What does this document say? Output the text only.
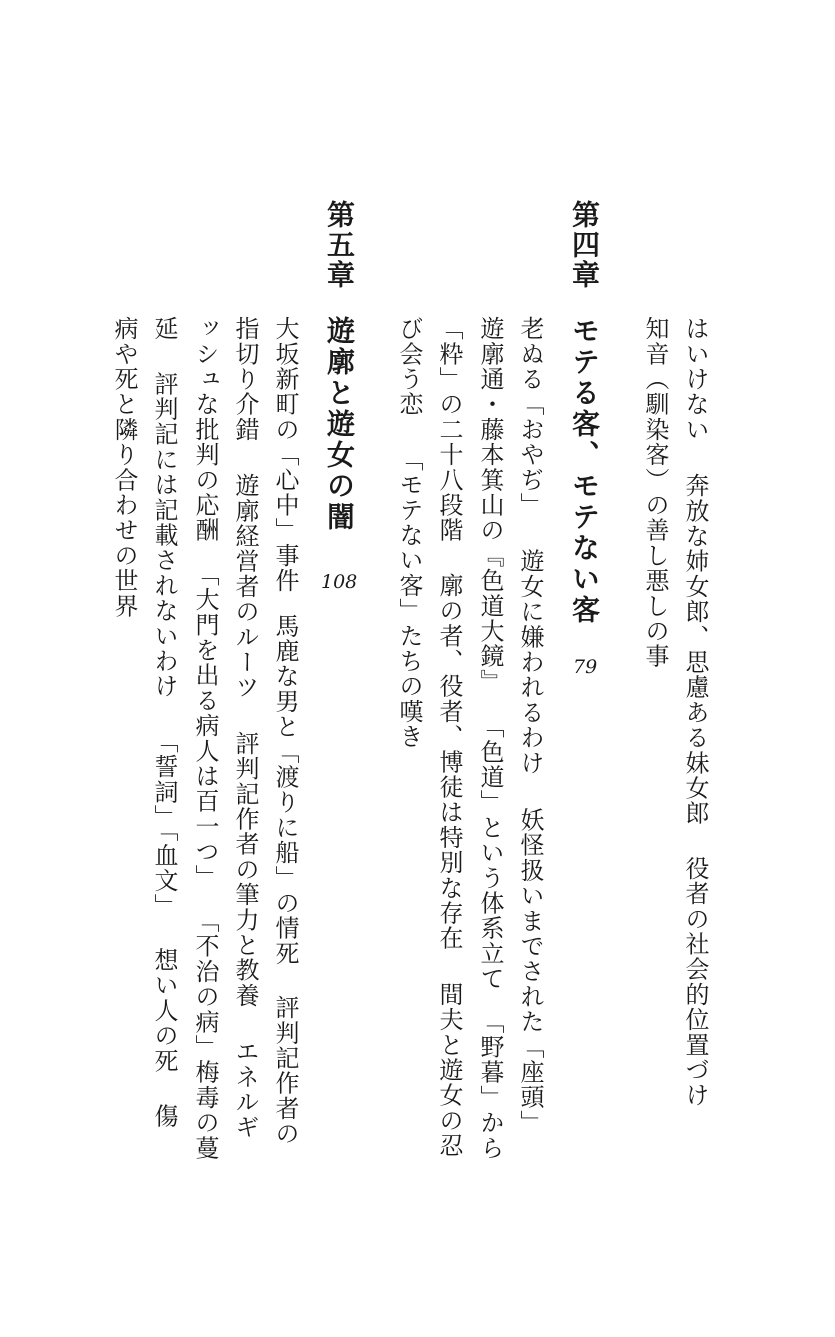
はいけない奔放な姉女郎、思慮ある妹女郎役者の社会的位置づけ
知音（馴染客）の善し悪しの事
第四章
モテる客、モテない客
79
老ぬる「おやぢ」遊女に嫌われるわけ妖怪扱いまでされた「座頭」
遊廓通・藤本箕山の『色道大鏡』「色道」という体系立て「野暮」から
「粋」の二十八段階廓の者、役者、博徒は特別な存在間夫と遊女の忍
び会う恋「モテない客」たちの嘆き
第五章
遊廓と遊女の闇
108
大坂新町の「心中」事件馬鹿な男と「渡りに船」の情死評判記作者の
指切り介錯遊廓経営者のルーツ評判記作者の筆力と教養エネルギ
ッシュな批判の応酬「大門を出る病人は百一つ」「不治の病」梅毒の蔓
延評判記には記載されないわけ「誓詞」「血文」想い人の死傷
病や死と隣り合わせの世界
